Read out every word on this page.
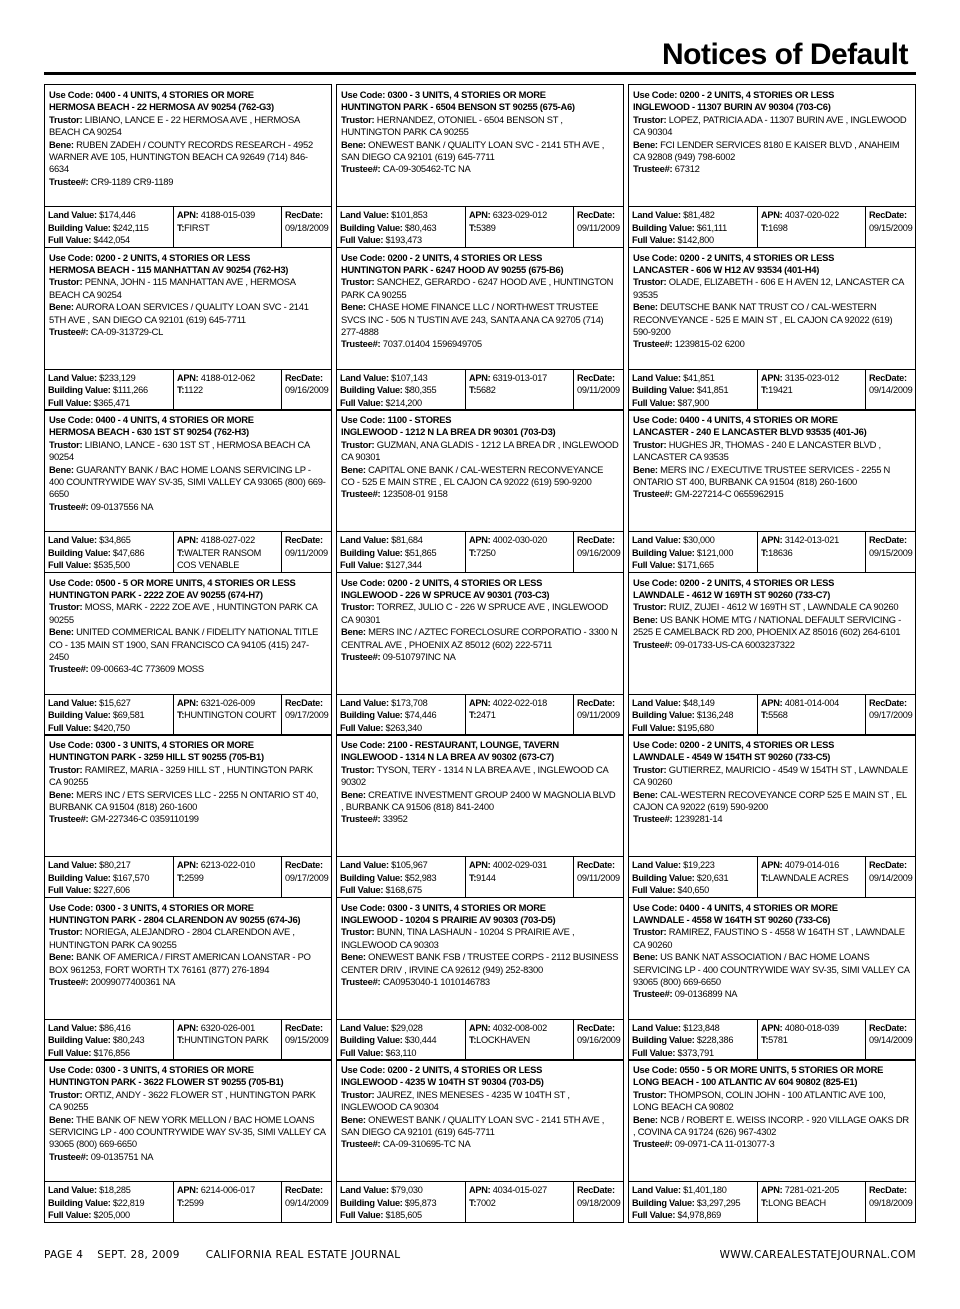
Notices of Default
Use Code: 0400 - 4 UNITS, 4 STORIES OR MORE
HERMOSA BEACH - 22 HERMOSA AV 90254 (762-G3)
Trustor: LIBIANO, LANCE E - 22 HERMOSA AVE , HERMOSA BEACH CA 90254
Bene: RUBEN ZADEH / COUNTY RECORDS RESEARCH - 4952 WARNER AVE 105, HUNTINGTON BEACH CA 92649 (714) 846-6634
Trustee#: CR9-1189 CR9-1189
Land Value: $174,446
Building Value: $242,115
Full Value: $442,054
APN: 4188-015-039
T:FIRST
RecDate:
09/18/2009
Use Code: 0200 - 2 UNITS, 4 STORIES OR LESS
HERMOSA BEACH - 115 MANHATTAN AV 90254 (762-H3)
Trustor: PENNA, JOHN - 115 MANHATTAN AVE , HERMOSA BEACH CA 90254
Bene: AURORA LOAN SERVICES / QUALITY LOAN SVC - 2141 5TH AVE , SAN DIEGO CA 92101 (619) 645-7711
Trustee#: CA-09-313729-CL
Land Value: $233,129
Building Value: $111,266
Full Value: $365,471
APN: 4188-012-062
T:1122
RecDate:
09/16/2009
Use Code: 0400 - 4 UNITS, 4 STORIES OR MORE
HERMOSA BEACH - 630 1ST ST 90254 (762-H3)
Trustor: LIBIANO, LANCE - 630 1ST ST , HERMOSA BEACH CA 90254
Bene: GUARANTY BANK / BAC HOME LOANS SERVICING LP - 400 COUNTRYWIDE WAY SV-35, SIMI VALLEY CA 93065 (800) 669-6650
Trustee#: 09-0137556 NA
Land Value: $34,865
Building Value: $47,686
Full Value: $535,500
APN: 4188-027-022
T:WALTER RANSOM COS VENABLE
RecDate:
09/11/2009
Use Code: 0500 - 5 OR MORE UNITS, 4 STORIES OR LESS
HUNTINGTON PARK - 2222 ZOE AV 90255 (674-H7)
Trustor: MOSS, MARK - 2222 ZOE AVE , HUNTINGTON PARK CA 90255
Bene: UNITED COMMERICAL BANK / FIDELITY NATIONAL TITLE CO - 135 MAIN ST 1900, SAN FRANCISCO CA 94105 (415) 247-2450
Trustee#: 09-00663-4C 773609 MOSS
Land Value: $15,627
Building Value: $69,581
Full Value: $420,750
APN: 6321-026-009
T:HUNTINGTON COURT
RecDate:
09/17/2009
Use Code: 0300 - 3 UNITS, 4 STORIES OR MORE
HUNTINGTON PARK - 3259 HILL ST 90255 (705-B1)
Trustor: RAMIREZ, MARIA - 3259 HILL ST , HUNTINGTON PARK CA 90255
Bene: MERS INC / ETS SERVICES LLC - 2255 N ONTARIO ST 40, BURBANK CA 91504 (818) 260-1600
Trustee#: GM-227346-C 0359110199
Land Value: $80,217
Building Value: $167,570
Full Value: $227,606
APN: 6213-022-010
T:2599
RecDate:
09/17/2009
Use Code: 0300 - 3 UNITS, 4 STORIES OR MORE
HUNTINGTON PARK - 2804 CLARENDON AV 90255 (674-J6)
Trustor: NORIEGA, ALEJANDRO - 2804 CLARENDON AVE , HUNTINGTON PARK CA 90255
Bene: BANK OF AMERICA / FIRST AMERICAN LOANSTAR - PO BOX 961253, FORT WORTH TX 76161 (877) 276-1894
Trustee#: 20099077400361 NA
Land Value: $86,416
Building Value: $80,243
Full Value: $176,856
APN: 6320-026-001
T:HUNTINGTON PARK
RecDate:
09/15/2009
Use Code: 0300 - 3 UNITS, 4 STORIES OR MORE
HUNTINGTON PARK - 3622 FLOWER ST 90255 (705-B1)
Trustor: ORTIZ, ANDY - 3622 FLOWER ST , HUNTINGTON PARK CA 90255
Bene: THE BANK OF NEW YORK MELLON / BAC HOME LOANS SERVICING LP - 400 COUNTRYWIDE WAY SV-35, SIMI VALLEY CA 93065 (800) 669-6650
Trustee#: 09-0135751 NA
Land Value: $18,285
Building Value: $22,819
Full Value: $205,000
APN: 6214-006-017
T:2599
RecDate:
09/14/2009
Use Code: 0300 - 3 UNITS, 4 STORIES OR MORE
HUNTINGTON PARK - 6504 BENSON ST 90255 (675-A6)
Trustor: HERNANDEZ, OTONIEL - 6504 BENSON ST , HUNTINGTON PARK CA 90255
Bene: ONEWEST BANK / QUALITY LOAN SVC - 2141 5TH AVE , SAN DIEGO CA 92101 (619) 645-7711
Trustee#: CA-09-305462-TC NA
Land Value: $101,853
Building Value: $80,463
Full Value: $193,473
APN: 6323-029-012
T:5389
RecDate:
09/11/2009
Use Code: 0200 - 2 UNITS, 4 STORIES OR LESS
HUNTINGTON PARK - 6247 HOOD AV 90255 (675-B6)
Trustor: SANCHEZ, GERARDO - 6247 HOOD AVE , HUNTINGTON PARK CA 90255
Bene: CHASE HOME FINANCE LLC / NORTHWEST TRUSTEE SVCS INC - 505 N TUSTIN AVE 243, SANTA ANA CA 92705 (714) 277-4888
Trustee#: 7037.01404 1596949705
Land Value: $107,143
Building Value: $80,355
Full Value: $214,200
APN: 6319-013-017
T:5682
RecDate:
09/11/2009
Use Code: 1100 - STORES
INGLEWOOD - 1212 N LA BREA DR 90301 (703-D3)
Trustor: GUZMAN, ANA GLADIS - 1212 LA BREA DR , INGLEWOOD CA 90301
Bene: CAPITAL ONE BANK / CAL-WESTERN RECONVEYANCE CO - 525 E MAIN STRE , EL CAJON CA 92022 (619) 590-9200
Trustee#: 123508-01 9158
Land Value: $81,684
Building Value: $51,865
Full Value: $127,344
APN: 4002-030-020
T:7250
RecDate:
09/16/2009
Use Code: 0200 - 2 UNITS, 4 STORIES OR LESS
INGLEWOOD - 226 W SPRUCE AV 90301 (703-C3)
Trustor: TORREZ, JULIO C - 226 W SPRUCE AVE , INGLEWOOD CA 90301
Bene: MERS INC / AZTEC FORECLOSURE CORPORATIO - 3300 N CENTRAL AVE , PHOENIX AZ 85012 (602) 222-5711
Trustee#: 09-510797INC NA
Land Value: $173,708
Building Value: $74,446
Full Value: $263,340
APN: 4022-022-018
T:2471
RecDate:
09/11/2009
Use Code: 2100 - RESTAURANT, LOUNGE, TAVERN
INGLEWOOD - 1314 N LA BREA AV 90302 (673-C7)
Trustor: TYSON, TERY - 1314 N LA BREA AVE , INGLEWOOD CA 90302
Bene: CREATIVE INVESTMENT GROUP 2400 W MAGNOLIA BLVD , BURBANK CA 91506 (818) 841-2400
Trustee#: 33952
Land Value: $105,967
Building Value: $52,983
Full Value: $168,675
APN: 4002-029-031
T:9144
RecDate:
09/11/2009
Use Code: 0300 - 3 UNITS, 4 STORIES OR MORE
INGLEWOOD - 10204 S PRAIRIE AV 90303 (703-D5)
Trustor: BUNN, TINA LASHAUN - 10204 S PRAIRIE AVE , INGLEWOOD CA 90303
Bene: ONEWEST BANK FSB / TRUSTEE CORPS - 2112 BUSINESS CENTER DRIV , IRVINE CA 92612 (949) 252-8300
Trustee#: CA0953040-1 1010146783
Land Value: $29,028
Building Value: $30,444
Full Value: $63,110
APN: 4032-008-002
T:LOCKHAVEN
RecDate:
09/16/2009
Use Code: 0200 - 2 UNITS, 4 STORIES OR LESS
INGLEWOOD - 4235 W 104TH ST 90304 (703-D5)
Trustor: JAUREZ, INES MENESES - 4235 W 104TH ST , INGLEWOOD CA 90304
Bene: ONEWEST BANK / QUALITY LOAN SVC - 2141 5TH AVE , SAN DIEGO CA 92101 (619) 645-7711
Trustee#: CA-09-310695-TC NA
Land Value: $79,030
Building Value: $95,873
Full Value: $185,605
APN: 4034-015-027
T:7002
RecDate:
09/18/2009
Use Code: 0200 - 2 UNITS, 4 STORIES OR LESS
INGLEWOOD - 11307 BURIN AV 90304 (703-C6)
Trustor: LOPEZ, PATRICIA ADA - 11307 BURIN AVE , INGLEWOOD CA 90304
Bene: FCI LENDER SERVICES 8180 E KAISER BLVD , ANAHEIM CA 92808 (949) 798-6002
Trustee#: 67312
Land Value: $81,482
Building Value: $61,111
Full Value: $142,800
APN: 4037-020-022
T:1698
RecDate:
09/15/2009
Use Code: 0200 - 2 UNITS, 4 STORIES OR LESS
LANCASTER - 606 W H12 AV 93534 (401-H4)
Trustor: OLADE, ELIZABETH - 606 E H AVEN 12, LANCASTER CA 93535
Bene: DEUTSCHE BANK NAT TRUST CO / CAL-WESTERN RECONVEYANCE - 525 E MAIN ST , EL CAJON CA 92022 (619) 590-9200
Trustee#: 1239815-02 6200
Land Value: $41,851
Building Value: $41,851
Full Value: $87,900
APN: 3135-023-012
T:19421
RecDate:
09/14/2009
Use Code: 0400 - 4 UNITS, 4 STORIES OR MORE
LANCASTER - 240 E LANCASTER BLVD 93535 (401-J6)
Trustor: HUGHES JR, THOMAS - 240 E LANCASTER BLVD , LANCASTER CA 93535
Bene: MERS INC / EXECUTIVE TRUSTEE SERVICES - 2255 N ONTARIO ST 400, BURBANK CA 91504 (818) 260-1600
Trustee#: GM-227214-C 0655962915
Land Value: $30,000
Building Value: $121,000
Full Value: $171,665
APN: 3142-013-021
T:18636
RecDate:
09/15/2009
Use Code: 0200 - 2 UNITS, 4 STORIES OR LESS
LAWNDALE - 4612 W 169TH ST 90260 (733-C7)
Trustor: RUIZ, ZUJEI - 4612 W 169TH ST , LAWNDALE CA 90260
Bene: US BANK HOME MTG / NATIONAL DEFAULT SERVICING - 2525 E CAMELBACK RD 200, PHOENIX AZ 85016 (602) 264-6101
Trustee#: 09-01733-US-CA 6003237322
Land Value: $48,149
Building Value: $136,248
Full Value: $195,680
APN: 4081-014-004
T:5568
RecDate:
09/17/2009
Use Code: 0200 - 2 UNITS, 4 STORIES OR LESS
LAWNDALE - 4549 W 154TH ST 90260 (733-C5)
Trustor: GUTIERREZ, MAURICIO - 4549 W 154TH ST , LAWNDALE CA 90260
Bene: CAL-WESTERN RECOVEYANCE CORP 525 E MAIN ST , EL CAJON CA 92022 (619) 590-9200
Trustee#: 1239281-14
Land Value: $19,223
Building Value: $20,631
Full Value: $40,650
APN: 4079-014-016
T:LAWNDALE ACRES
RecDate:
09/14/2009
Use Code: 0400 - 4 UNITS, 4 STORIES OR MORE
LAWNDALE - 4558 W 164TH ST 90260 (733-C6)
Trustor: RAMIREZ, FAUSTINO S - 4558 W 164TH ST , LAWNDALE CA 90260
Bene: US BANK NAT ASSOCIATION / BAC HOME LOANS SERVICING LP - 400 COUNTRYWIDE WAY SV-35, SIMI VALLEY CA 93065 (800) 669-6650
Trustee#: 09-0136899 NA
Land Value: $123,848
Building Value: $228,386
Full Value: $373,791
APN: 4080-018-039
T:5781
RecDate:
09/14/2009
Use Code: 0550 - 5 OR MORE UNITS, 5 STORIES OR MORE
LONG BEACH - 100 ATLANTIC AV 604 90802 (825-E1)
Trustor: THOMPSON, COLIN JOHN - 100 ATLANTIC AVE 100, LONG BEACH CA 90802
Bene: NCB / ROBERT E. WEISS INCORP. - 920 VILLAGE OAKS DR , COVINA CA 91724 (626) 967-4302
Trustee#: 09-0971-CA 11-013077-3
Land Value: $1,401,180
Building Value: $3,297,295
Full Value: $4,978,869
APN: 7281-021-205
T:LONG BEACH
RecDate:
09/18/2009
PAGE 4 SEPT. 28, 2009 CALIFORNIA REAL ESTATE JOURNAL	WWW.CAREALESTATEJOURNAL.COM
